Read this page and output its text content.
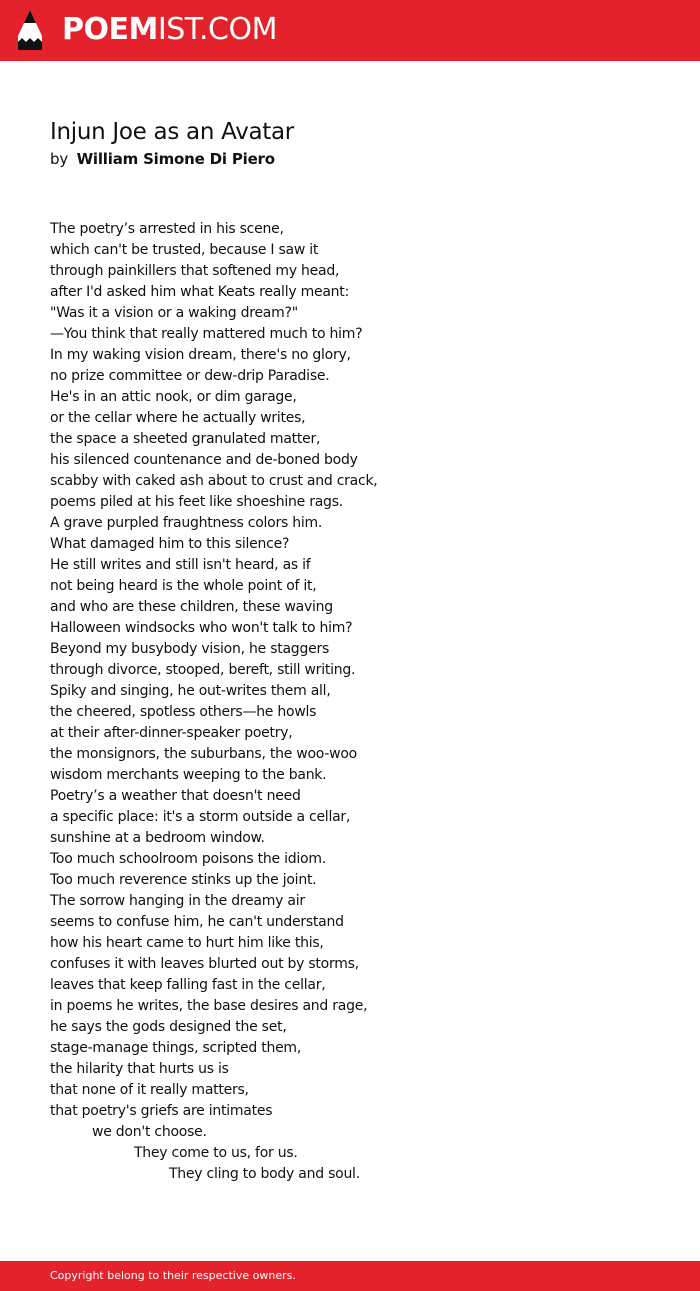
POEMIST.COM
Injun Joe as an Avatar
by William Simone Di Piero
The poetry’s arrested in his scene,
which can't be trusted, because I saw it
through painkillers that softened my head,
after I'd asked him what Keats really meant:
"Was it a vision or a waking dream?"
—You think that really mattered much to him?
In my waking vision dream, there's no glory,
no prize committee or dew-drip Paradise.
He's in an attic nook, or dim garage,
or the cellar where he actually writes,
the space a sheeted granulated matter,
his silenced countenance and de-boned body
scabby with caked ash about to crust and crack,
poems piled at his feet like shoeshine rags.
A grave purpled fraughtness colors him.
What damaged him to this silence?
He still writes and still isn't heard, as if
not being heard is the whole point of it,
and who are these children, these waving
Halloween windsocks who won't talk to him?
Beyond my busybody vision, he staggers
through divorce, stooped, bereft, still writing.
Spiky and singing, he out-writes them all,
the cheered, spotless others—he howls
at their after-dinner-speaker poetry,
the monsignors, the suburbans, the woo-woo
wisdom merchants weeping to the bank.
Poetry’s a weather that doesn't need
a specific place: it's a storm outside a cellar,
sunshine at a bedroom window.
Too much schoolroom poisons the idiom.
Too much reverence stinks up the joint.
The sorrow hanging in the dreamy air
seems to confuse him, he can't understand
how his heart came to hurt him like this,
confuses it with leaves blurted out by storms,
leaves that keep falling fast in the cellar,
in poems he writes, the base desires and rage,
he says the gods designed the set,
stage-manage things, scripted them,
the hilarity that hurts us is
that none of it really matters,
that poetry's griefs are intimates
we don't choose.
They come to us, for us.
They cling to body and soul.
Copyright belong to their respective owners.
